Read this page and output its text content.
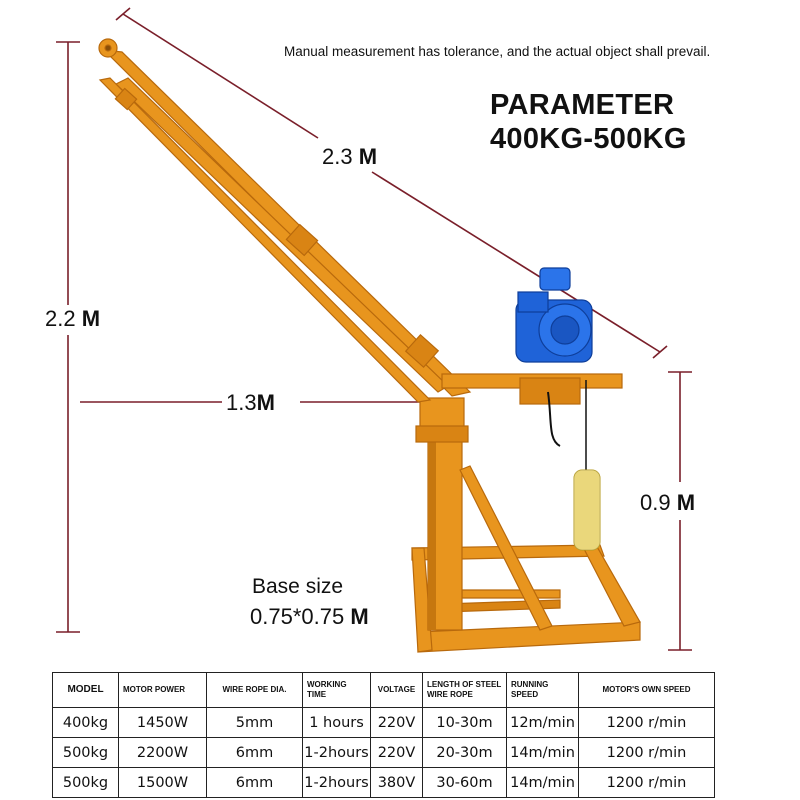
Manual measurement has tolerance, and the actual object shall prevail.
PARAMETER
400KG-500KG
2.3 M
2.2 M
1.3M
0.9 M
Base size
0.75*0.75 M
MODEL	MOTOR POWER	WIRE ROPE DIA.	WORKING TIME	VOLTAGE	LENGTH OF STEEL WIRE ROPE	RUNNING SPEED	MOTOR'S OWN SPEED
400kg	1450W	5mm	1 hours	220V	10-30m	12m/min	1200 r/min
500kg	2200W	6mm	1-2hours	220V	20-30m	14m/min	1200 r/min
500kg	1500W	6mm	1-2hours	380V	30-60m	14m/min	1200 r/min
